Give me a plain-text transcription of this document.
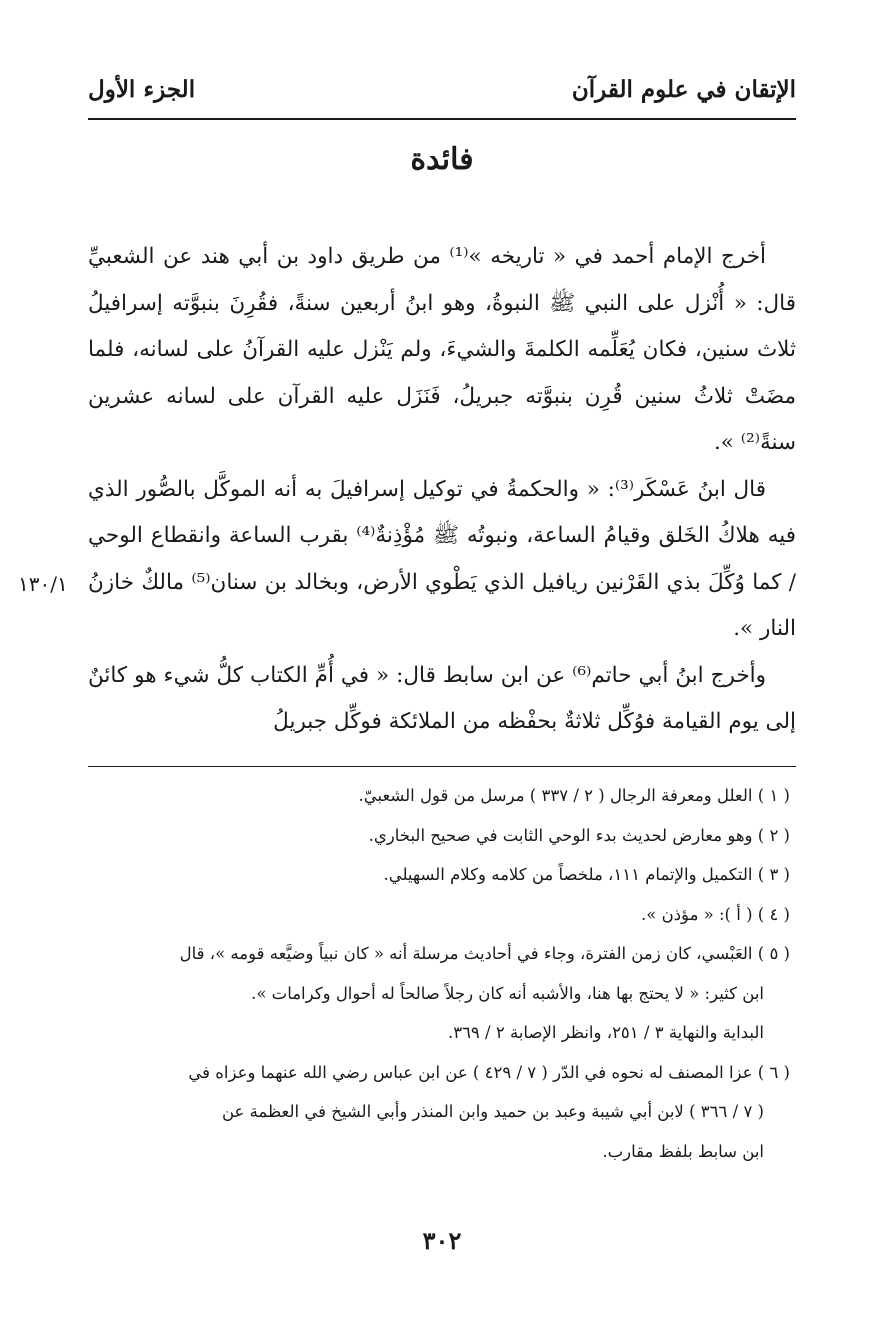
الإتقان في علوم القرآن
الجزء الأول
فائدة

أخرج الإمام أحمد في « تاريخه »⁽¹⁾ من طريق داود بن أبي هند عن الشعبيِّ قال: « أُنْزل على النبي ﷺ النبوةُ، وهو ابنُ أربعين سنةً، فقُرِنَ بنبوَّته إسرافيلُ ثلاث سنين، فكان يُعَلِّمه الكلمةَ والشيءَ، ولم يَنْزل عليه القرآنُ على لسانه، فلما مضَتْ ثلاثُ سنين قُرِن بنبوَّته جبريلُ، فَنَزَل عليه القرآن على لسانه عشرين سنةً⁽²⁾ ».

قال ابنُ عَسْكَر⁽³⁾: « والحكمةُ في توكيل إسرافيلَ به أنه الموكَّل بالصُّور الذي فيه هلاكُ الخَلق وقيامُ الساعة، ونبوتُه ﷺ مُؤْذِنةٌ⁽⁴⁾ بقرب الساعة وانقطاع الوحي / كما وُكِّلَ بذي القَرْنين ريافيل الذي يَطْوي الأرض، وبخالد بن سنان⁽⁵⁾ مالكٌ خازنُ النار ».

وأخرج ابنُ أبي حاتم⁽⁶⁾ عن ابن سابط قال: « في أُمِّ الكتاب كلُّ شيء هو كائنٌ إلى يوم القيامة فوُكِّل ثلاثةٌ بحفْظه من الملائكة فوكِّل جبريلُ

١٣٠/١

( ١ ) العلل ومعرفة الرجال ( ٢ / ٣٣٧ ) مرسل من قول الشعبيّ.

( ٢ ) وهو معارض لحديث بدء الوحي الثابت في صحيح البخاري.

( ٣ ) التكميل والإتمام ١١١، ملخصاً من كلامه وكلام السهيلي.

( ٤ ) ( أ ): « مؤذن ».

( ٥ ) العَبْسي، كان زمن الفترة، وجاء في أحاديث مرسلة أنه « كان نبياً وضيَّعه قومه »، قال

ابن كثير: « لا يحتج بها هنا، والأشبه أنه كان رجلاً صالحاً له أحوال وكرامات ».

البداية والنهاية ٣ / ٢٥١، وانظر الإصابة ٢ / ٣٦٩.

( ٦ ) عزا المصنف له نحوه في الدّر ( ٧ / ٤٢٩ ) عن ابن عباس رضي الله عنهما وعزاه في

( ٧ / ٣٦٦ ) لابن أبي شيبة وعبد بن حميد وابن المنذر وأبي الشيخ في العظمة عن

ابن سابط بلفظ مقارب.

٣٠٢
